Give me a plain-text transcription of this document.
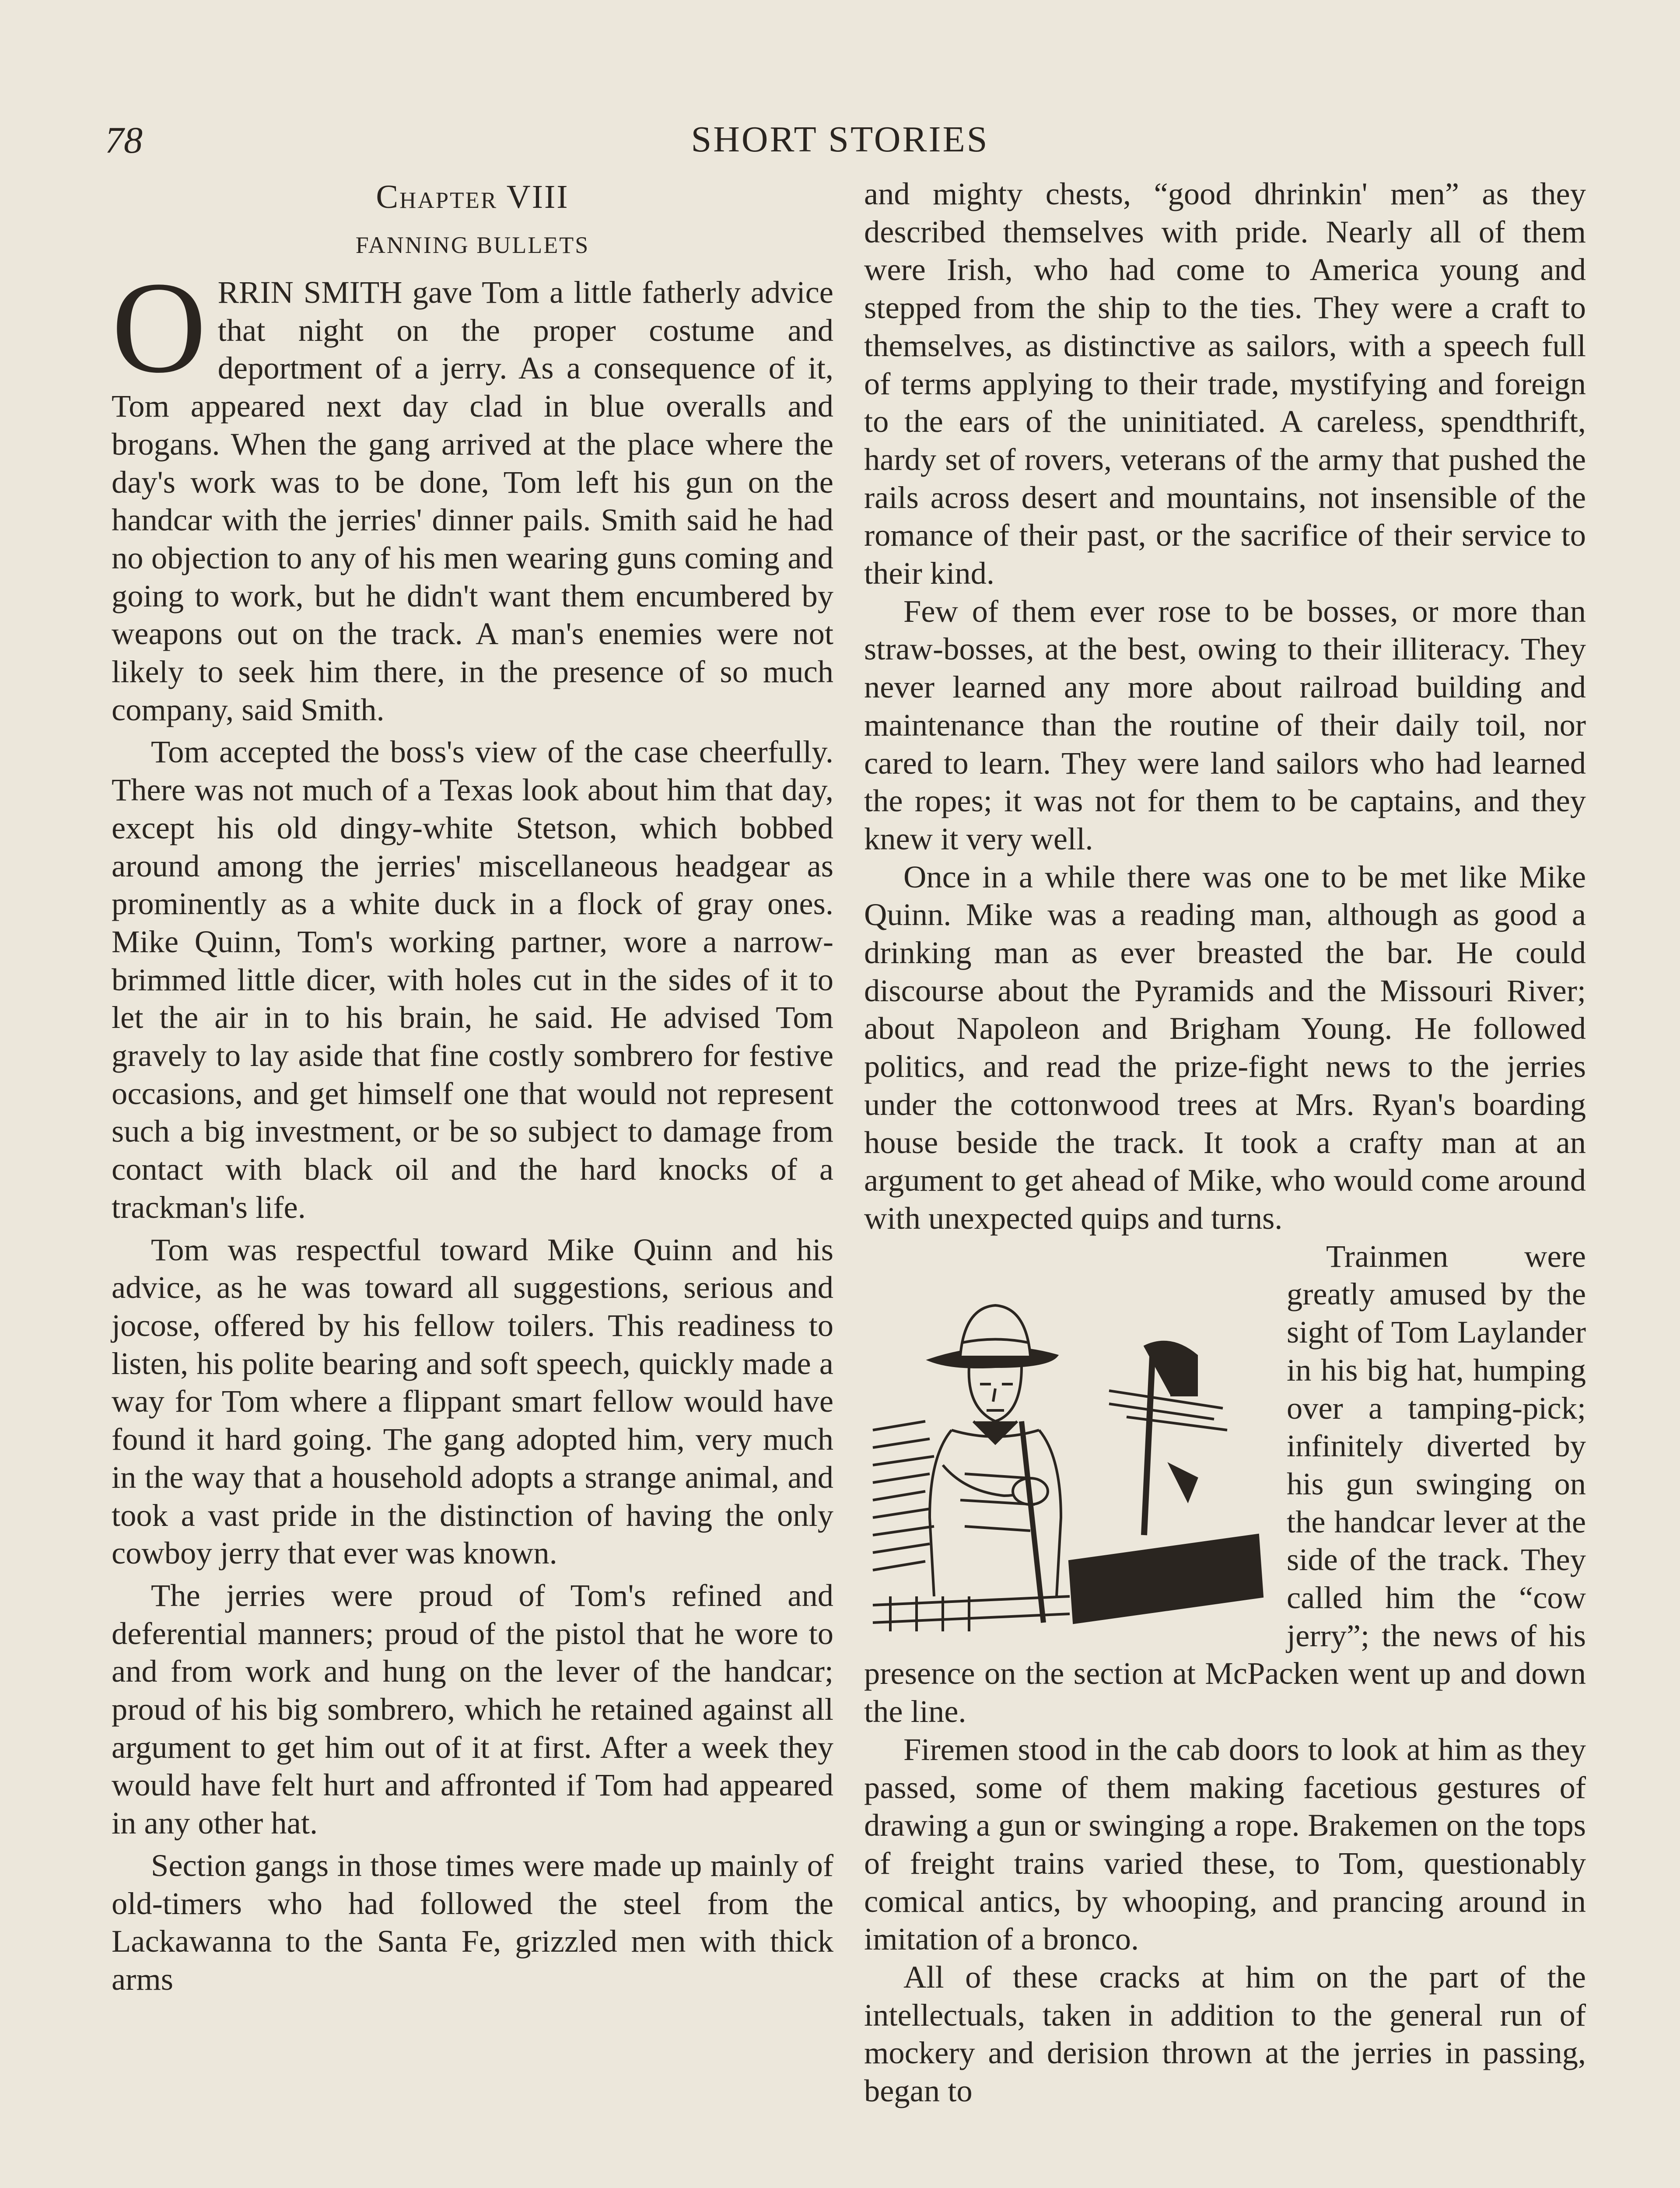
78	SHORT STORIES
Chapter VIII
FANNING BULLETS

ORRIN SMITH gave Tom a little fatherly advice that night on the proper costume and deportment of a jerry. As a consequence of it, Tom appeared next day clad in blue overalls and brogans. When the gang arrived at the place where the day's work was to be done, Tom left his gun on the handcar with the jerries' dinner pails. Smith said he had no objection to any of his men wearing guns coming and going to work, but he didn't want them encumbered by weapons out on the track. A man's enemies were not likely to seek him there, in the presence of so much company, said Smith.

Tom accepted the boss's view of the case cheerfully. There was not much of a Texas look about him that day, except his old dingy-white Stetson, which bobbed around among the jerries' miscellaneous headgear as prominently as a white duck in a flock of gray ones. Mike Quinn, Tom's working partner, wore a narrow-brimmed little dicer, with holes cut in the sides of it to let the air in to his brain, he said. He advised Tom gravely to lay aside that fine costly sombrero for festive occasions, and get himself one that would not represent such a big investment, or be so subject to damage from contact with black oil and the hard knocks of a trackman's life.

Tom was respectful toward Mike Quinn and his advice, as he was toward all suggestions, serious and jocose, offered by his fellow toilers. This readiness to listen, his polite bearing and soft speech, quickly made a way for Tom where a flippant smart fellow would have found it hard going. The gang adopted him, very much in the way that a household adopts a strange animal, and took a vast pride in the distinction of having the only cowboy jerry that ever was known.

The jerries were proud of Tom's refined and deferential manners; proud of the pistol that he wore to and from work and hung on the lever of the handcar; proud of his big sombrero, which he retained against all argument to get him out of it at first. After a week they would have felt hurt and affronted if Tom had appeared in any other hat.

Section gangs in those times were made up mainly of old-timers who had followed the steel from the Lackawanna to the Santa Fe, grizzled men with thick arms

and mighty chests, “good dhrinkin' men” as they described themselves with pride. Nearly all of them were Irish, who had come to America young and stepped from the ship to the ties. They were a craft to themselves, as distinctive as sailors, with a speech full of terms applying to their trade, mystifying and foreign to the ears of the uninitiated. A careless, spendthrift, hardy set of rovers, veterans of the army that pushed the rails across desert and mountains, not insensible of the romance of their past, or the sacrifice of their service to their kind.

Few of them ever rose to be bosses, or more than straw-bosses, at the best, owing to their illiteracy. They never learned any more about railroad building and maintenance than the routine of their daily toil, nor cared to learn. They were land sailors who had learned the ropes; it was not for them to be captains, and they knew it very well.

Once in a while there was one to be met like Mike Quinn. Mike was a reading man, although as good a drinking man as ever breasted the bar. He could discourse about the Pyramids and the Missouri River; about Napoleon and Brigham Young. He followed politics, and read the prize-fight news to the jerries under the cottonwood trees at Mrs. Ryan's boarding house beside the track. It took a crafty man at an argument to get ahead of Mike, who would come around with unexpected quips and turns.

Trainmen were greatly amused by the sight of Tom Laylander in his big hat, humping over a tamping-pick; infinitely diverted by his gun swinging on the handcar lever at the side of the track. They called him the “cow jerry”; the news of his presence on the section at McPacken went up and down the line.

Firemen stood in the cab doors to look at him as they passed, some of them making facetious gestures of drawing a gun or swinging a rope. Brakemen on the tops of freight trains varied these, to Tom, questionably comical antics, by whooping, and prancing around in imitation of a bronco.

All of these cracks at him on the part of the intellectuals, taken in addition to the general run of mockery and derision thrown at the jerries in passing, began to
